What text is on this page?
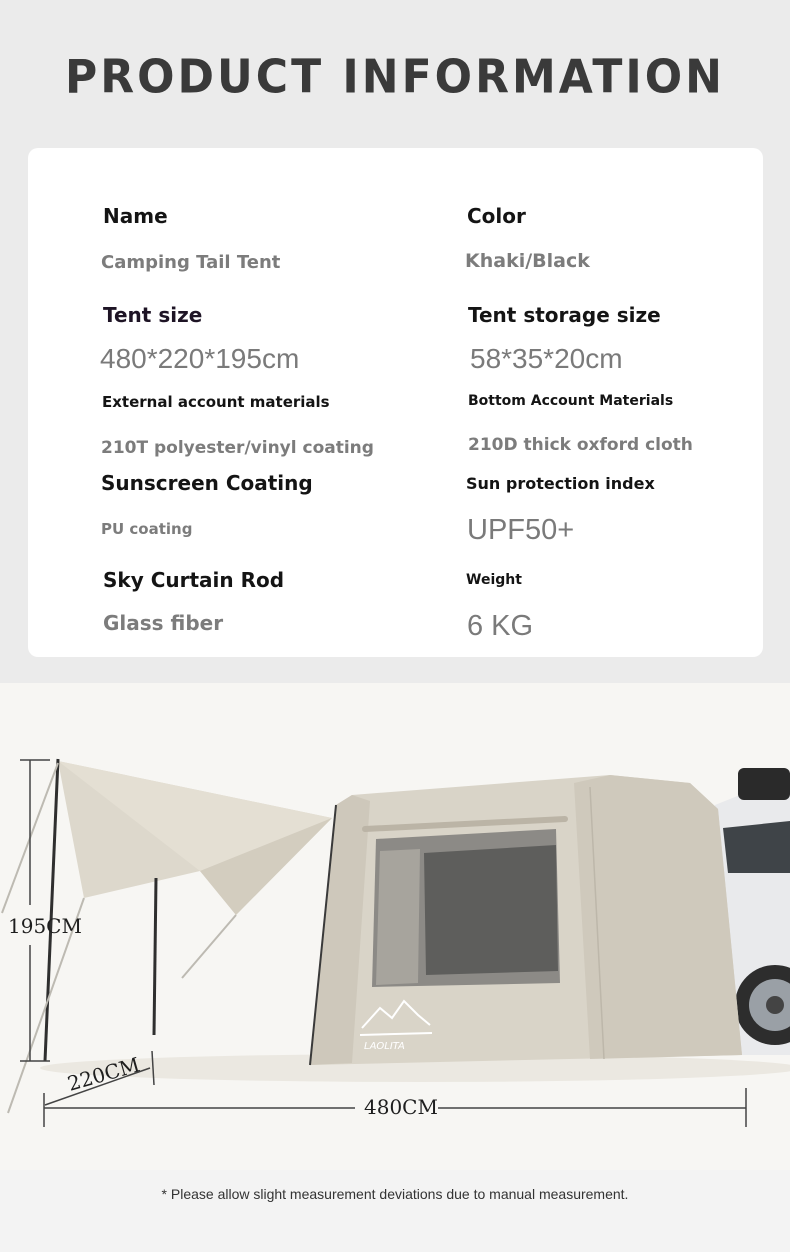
PRODUCT INFORMATION
Name
Camping Tail Tent
Tent size
480*220*195cm
External account materials
210T polyester/vinyl coating
Sunscreen Coating
PU coating
Sky Curtain Rod
Glass fiber
Color
Khaki/Black
Tent storage size
58*35*20cm
Bottom Account Materials
210D thick oxford cloth
Sun protection index
UPF50+
Weight
6 KG
LAOLITA
195CM
220CM
480CM
* Please allow slight measurement deviations due to manual measurement.
